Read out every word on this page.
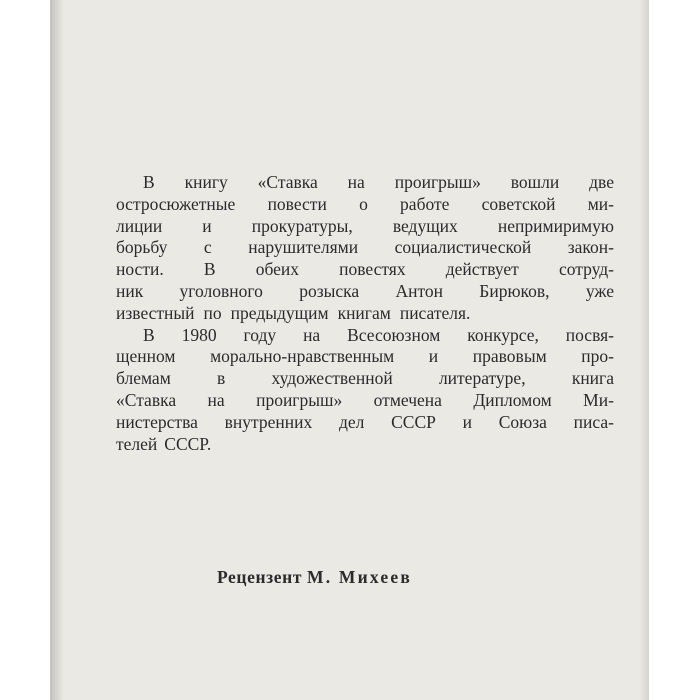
В книгу «Ставка на проигрыш» вошли две
остросюжетные повести о работе советской ми-
лиции и прокуратуры, ведущих непримиримую
борьбу с нарушителями социалистической закон-
ности. В обеих повестях действует сотруд-
ник уголовного розыска Антон Бирюков, уже
известный по предыдущим книгам писателя.
В 1980 году на Всесоюзном конкурсе, посвя-
щенном морально-нравственным и правовым про-
блемам	в	художественной	литературе,	книга
«Ставка на проигрыш» отмечена Дипломом Ми-
нистерства внутренних дел СССР и Союза писа-
телей СССР.
Рецензент М. Михеев
